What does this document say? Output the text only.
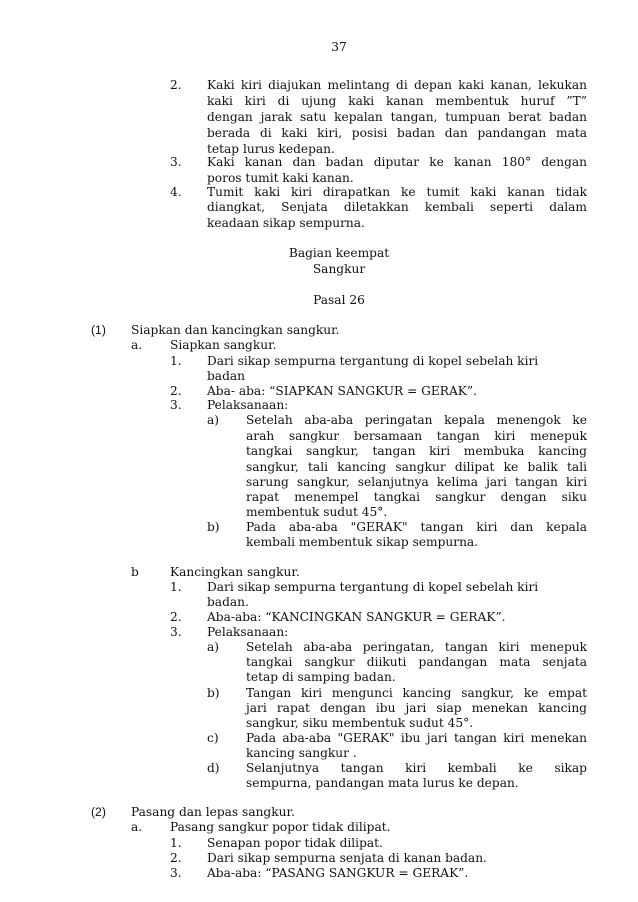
37
2. Kaki kiri diajukan melintang di depan kaki kanan, lekukan
kaki kiri di ujung kaki kanan membentuk huruf ”T”
dengan jarak satu kepalan tangan, tumpuan berat badan
berada di kaki kiri, posisi badan dan pandangan mata
tetap lurus kedepan.
3. Kaki kanan dan badan diputar ke kanan 180° dengan
poros tumit kaki kanan.
4. Tumit kaki kiri dirapatkan ke tumit kaki kanan tidak
diangkat, Senjata diletakkan kembali seperti dalam
keadaan sikap sempurna.
Bagian keempat
Sangkur
Pasal 26
(1) Siapkan dan kancingkan sangkur.
a. Siapkan sangkur.
1. Dari sikap sempurna tergantung di kopel sebelah kiri
badan
2. Aba- aba: “SIAPKAN SANGKUR = GERAK”.
3. Pelaksanaan:
a) Setelah aba-aba peringatan kepala menengok ke
arah sangkur bersamaan tangan kiri menepuk
tangkai sangkur, tangan kiri membuka kancing
sangkur, tali kancing sangkur dilipat ke balik tali
sarung sangkur, selanjutnya kelima jari tangan kiri
rapat menempel tangkai sangkur dengan siku
membentuk sudut 45°.
b) Pada aba-aba "GERAK" tangan kiri dan kepala
kembali membentuk sikap sempurna.
b	Kancingkan sangkur.
1. Dari sikap sempurna tergantung di kopel sebelah kiri
badan.
2. Aba-aba: “KANCINGKAN SANGKUR = GERAK”.
3. Pelaksanaan:
a) Setelah aba-aba peringatan, tangan kiri menepuk
tangkai sangkur diikuti pandangan mata senjata
tetap di samping badan.
b) Tangan kiri mengunci kancing sangkur, ke empat
jari rapat dengan ibu jari siap menekan kancing
sangkur, siku membentuk sudut 45°.
c) Pada aba-aba "GERAK" ibu jari tangan kiri menekan
kancing sangkur .
d) Selanjutnya tangan kiri kembali ke sikap
sempurna, pandangan mata lurus ke depan.
(2) Pasang dan lepas sangkur.
a. Pasang sangkur popor tidak dilipat.
1. Senapan popor tidak dilipat.
2. Dari sikap sempurna senjata di kanan badan.
3. Aba-aba: “PASANG SANGKUR = GERAK”.
